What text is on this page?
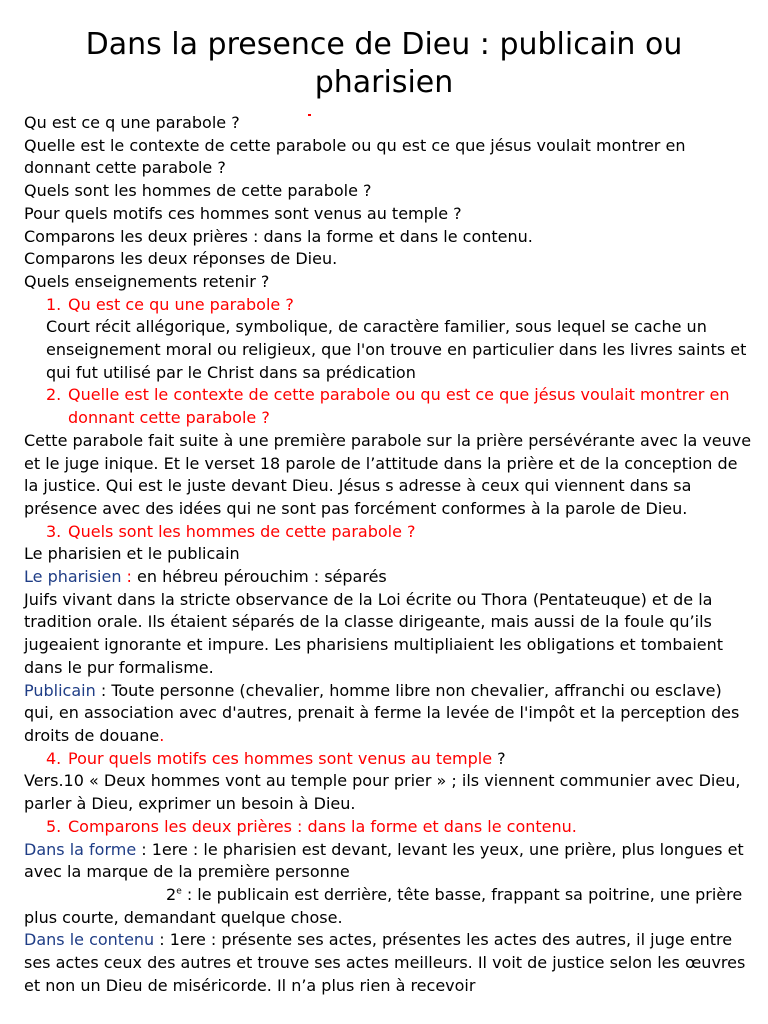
Dans la presence de Dieu : publicain ou pharisien

Qu est ce q une parabole ?

Quelle est le contexte de cette parabole ou qu est ce que jésus voulait montrer en donnant cette parabole ?

Quels sont les hommes de cette parabole ?

Pour quels motifs ces hommes sont venus au temple ?

Comparons les deux prières : dans la forme et dans le contenu.

Comparons les deux réponses de Dieu.

Quels enseignements retenir ?

1. Qu est ce qu une parabole ?

Court récit allégorique, symbolique, de caractère familier, sous lequel se cache un enseignement moral ou religieux, que l'on trouve en particulier dans les livres saints et qui fut utilisé par le Christ dans sa prédication

2. Quelle est le contexte de cette parabole ou qu est ce que jésus voulait montrer en donnant cette parabole ?

Cette parabole fait suite à une première parabole sur la prière persévérante avec la veuve et le juge inique. Et le verset 18 parole de l’attitude dans la prière et de la conception de la justice. Qui est le juste devant Dieu. Jésus s adresse à ceux qui viennent dans sa présence avec des idées qui ne sont pas forcément conformes à la parole de Dieu.

3. Quels sont les hommes de cette parabole ?

Le pharisien et le publicain

Le pharisien : en hébreu pérouchim : séparés

Juifs vivant dans la stricte observance de la Loi écrite ou Thora (Pentateuque) et de la tradition orale. Ils étaient séparés de la classe dirigeante, mais aussi de la foule qu’ils jugeaient ignorante et impure. Les pharisiens multipliaient les obligations et tombaient dans le pur formalisme.

Publicain : Toute personne (chevalier, homme libre non chevalier, affranchi ou esclave) qui, en association avec d'autres, prenait à ferme la levée de l'impôt et la perception des droits de douane.

4. Pour quels motifs ces hommes sont venus au temple ?

Vers.10 « Deux hommes vont au temple pour prier » ; ils viennent communier avec Dieu, parler à Dieu, exprimer un besoin à Dieu.

5. Comparons les deux prières : dans la forme et dans le contenu.

Dans la forme : 1ere : le pharisien est devant, levant les yeux, une prière, plus longues et avec la marque de la première personne

2e : le publicain est derrière, tête basse, frappant sa poitrine, une prière plus courte, demandant quelque chose.

Dans le contenu : 1ere : présente ses actes, présentes les actes des autres, il juge entre ses actes ceux des autres et trouve ses actes meilleurs. Il voit de justice selon les œuvres et non un Dieu de miséricorde. Il n’a plus rien à recevoir
